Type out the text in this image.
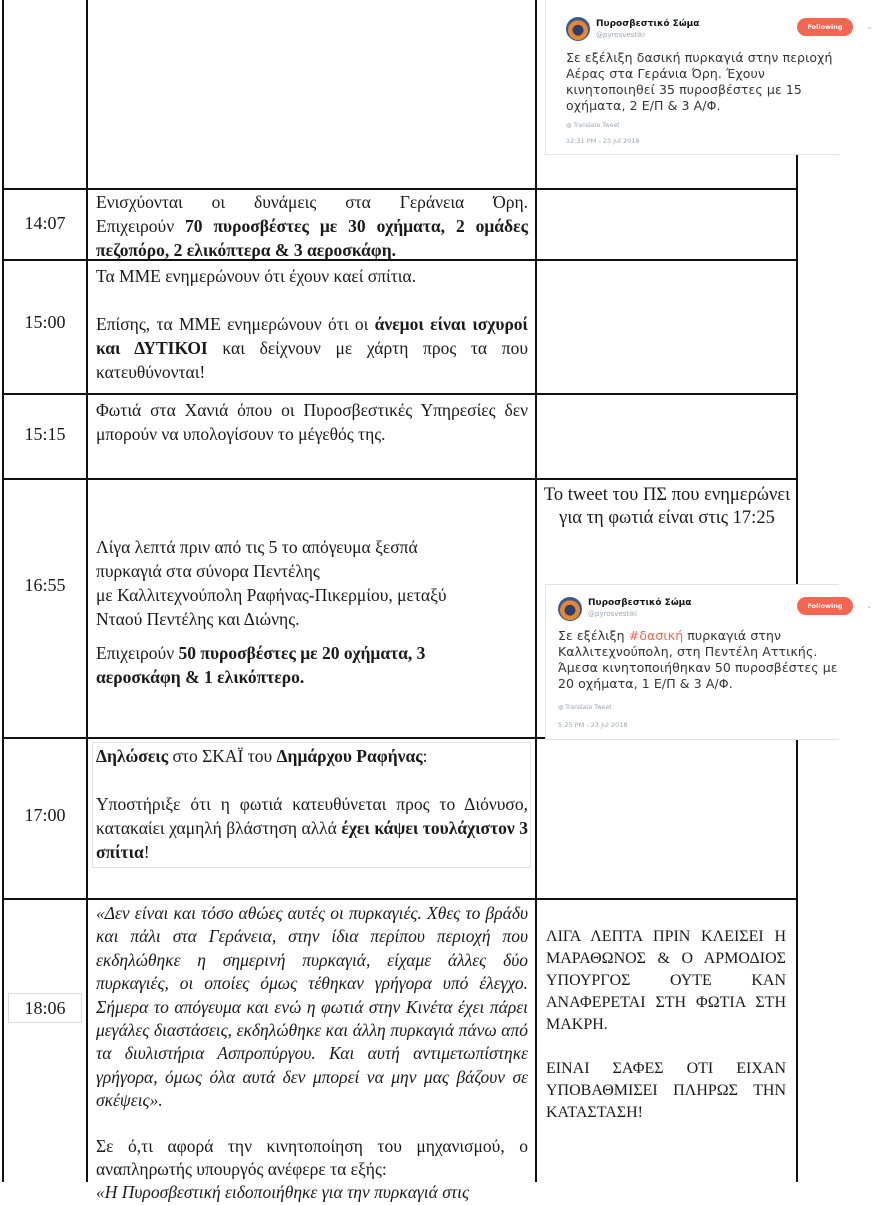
Πυροσβεστικό Σώμα
@pyrosvestiki
Σε εξέλιξη δασική πυρκαγιά στην περιοχή
Αέρας στα Γεράνια Όρη. Έχουν
κινητοποιηθεί 35 πυροσβέστες με 15
οχήματα, 2 Ε/Π & 3 Α/Φ.
◍ Translate Tweet
12:31 PM - 23 Jul 2018
Following	⌄
14:07

Ενισχύονται οι δυνάμεις στα Γεράνεια Όρη.

Επιχειρούν 70 πυροσβέστες με 30 οχήματα, 2 ομάδες πεζοπόρο, 2 ελικόπτερα & 3 αεροσκάφη.

15:00

Τα ΜΜΕ ενημερώνουν ότι έχουν καεί σπίτια.

Επίσης, τα ΜΜΕ ενημερώνουν ότι οι άνεμοι είναι ισχυροί και ΔΥΤΙΚΟΙ και δείχνουν με χάρτη προς τα που κατευθύνονται!

15:15

Φωτιά στα Χανιά όπου οι Πυροσβεστικές Υπηρεσίες δεν μπορούν να υπολογίσουν το μέγεθός της.

16:55

Λίγα λεπτά πριν από τις 5 το απόγευμα ξεσπά
πυρκαγιά στα σύνορα Πεντέλης
με Καλλιτεχνούπολη Ραφήνας-Πικερμίου, μεταξύ
Νταού Πεντέλης και Διώνης.

Επιχειρούν 50 πυροσβέστες με 20 οχήματα, 3 αεροσκάφη & 1 ελικόπτερο.

Το tweet του ΠΣ που ενημερώνει για τη φωτιά είναι στις 17:25
Πυροσβεστικό Σώμα
@pyrosvestiki
Σε εξέλιξη #δασική πυρκαγιά στην
Καλλιτεχνούπολη, στη Πεντέλη Αττικής.
Άμεσα κινητοποιήθηκαν 50 πυροσβέστες με
20 οχήματα, 1 Ε/Π & 3 Α/Φ.
◍ Translate Tweet
5:25 PM - 23 Jul 2018
Following	⌄
17:00

Δηλώσεις στο ΣΚΑΪ του Δημάρχου Ραφήνας:

Υποστήριξε ότι η φωτιά κατευθύνεται προς το Διόνυσο, κατακαίει χαμηλή βλάστηση αλλά έχει κάψει τουλάχιστον 3 σπίτια!

18:06

«Δεν είναι και τόσο αθώες αυτές οι πυρκαγιές. Χθες το βράδυ και πάλι στα Γεράνεια, στην ίδια περίπου περιοχή που εκδηλώθηκε η σημερινή πυρκαγιά, είχαμε άλλες δύο πυρκαγιές, οι οποίες όμως τέθηκαν γρήγορα υπό έλεγχο. Σήμερα το απόγευμα και ενώ η φωτιά στην Κινέτα έχει πάρει μεγάλες διαστάσεις, εκδηλώθηκε και άλλη πυρκαγιά πάνω από τα διυλιστήρια Ασπροπύργου. Και αυτή αντιμετωπίστηκε γρήγορα, όμως όλα αυτά δεν μπορεί να μην μας βάζουν σε σκέψεις».

Σε ό,τι αφορά την κινητοποίηση του μηχανισμού, ο αναπληρωτής υπουργός ανέφερε τα εξής:

«Η Πυροσβεστική ειδοποιήθηκε για την πυρκαγιά στις

ΛΙΓΑ ΛΕΠΤΑ ΠΡΙΝ ΚΛΕΙΣΕΙ Η ΜΑΡΑΘΩΝΟΣ & Ο ΑΡΜΟΔΙΟΣ ΥΠΟΥΡΓΟΣ ΟΥΤΕ ΚΑΝ ΑΝΑΦΕΡΕΤΑΙ ΣΤΗ ΦΩΤΙΑ ΣΤΗ ΜΑΚΡΗ.

ΕΙΝΑΙ ΣΑΦΕΣ ΟΤΙ ΕΙΧΑΝ ΥΠΟΒΑΘΜΙΣΕΙ ΠΛΗΡΩΣ ΤΗΝ ΚΑΤΑΣΤΑΣΗ!
